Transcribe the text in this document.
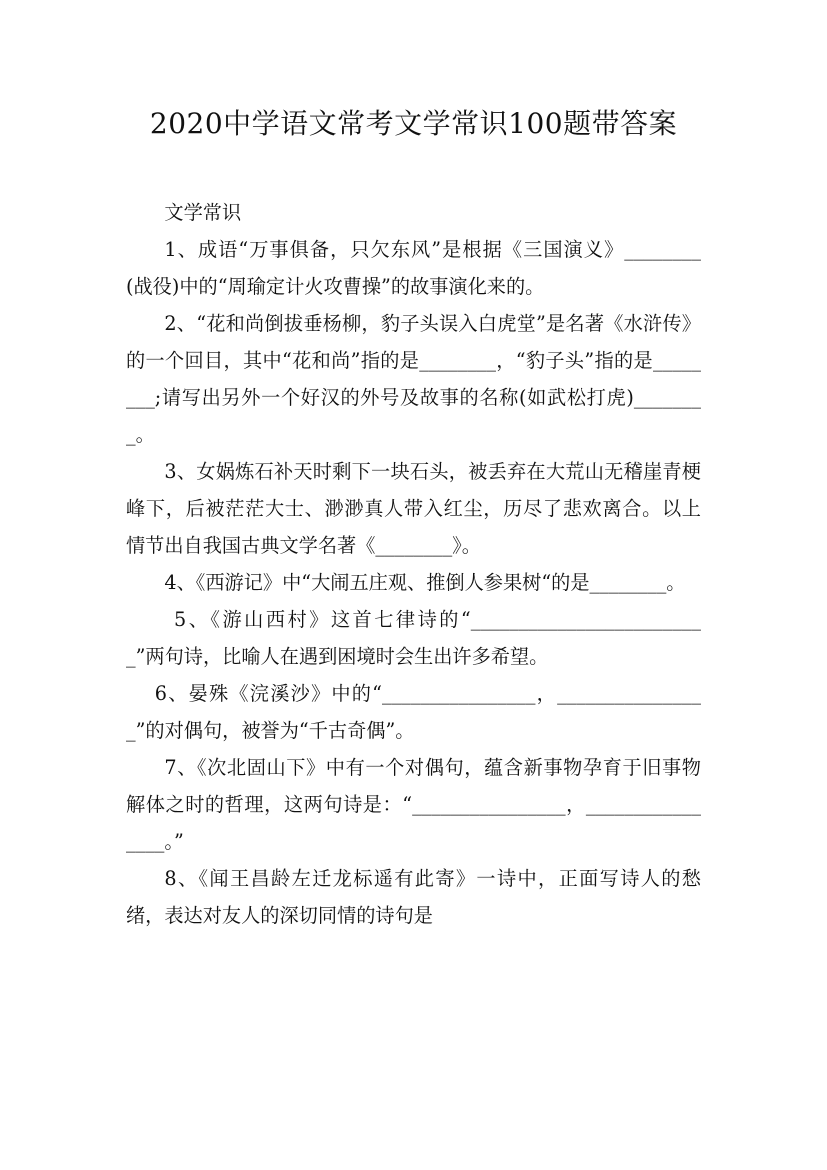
2020中学语文常考文学常识100题带答案

文学常识

1、成语“万事俱备，只欠东风”是根据《三国演义》________(战役)中的“周瑜定计火攻曹操”的故事演化来的。

2、“花和尚倒拔垂杨柳，豹子头误入白虎堂”是名著《水浒传》的一个回目，其中“花和尚”指的是________，“豹子头”指的是________;请写出另外一个好汉的外号及故事的名称(如武松打虎)________。

3、女娲炼石补天时剩下一块石头，被丢弃在大荒山无稽崖青梗峰下，后被茫茫大士、渺渺真人带入红尘，历尽了悲欢离合。以上情节出自我国古典文学名著《________》。

4、《西游记》中“大闹五庄观、推倒人参果树“的是________。

5、《游山西村》这首七律诗的“_________________________”两句诗，比喻人在遇到困境时会生出许多希望。

6、晏殊《浣溪沙》中的“________________，________________”的对偶句，被誉为“千古奇偶”。

7、《次北固山下》中有一个对偶句，蕴含新事物孕育于旧事物解体之时的哲理，这两句诗是：“________________，________________。”

8、《闻王昌龄左迁龙标遥有此寄》一诗中，正面写诗人的愁绪，表达对友人的深切同情的诗句是
